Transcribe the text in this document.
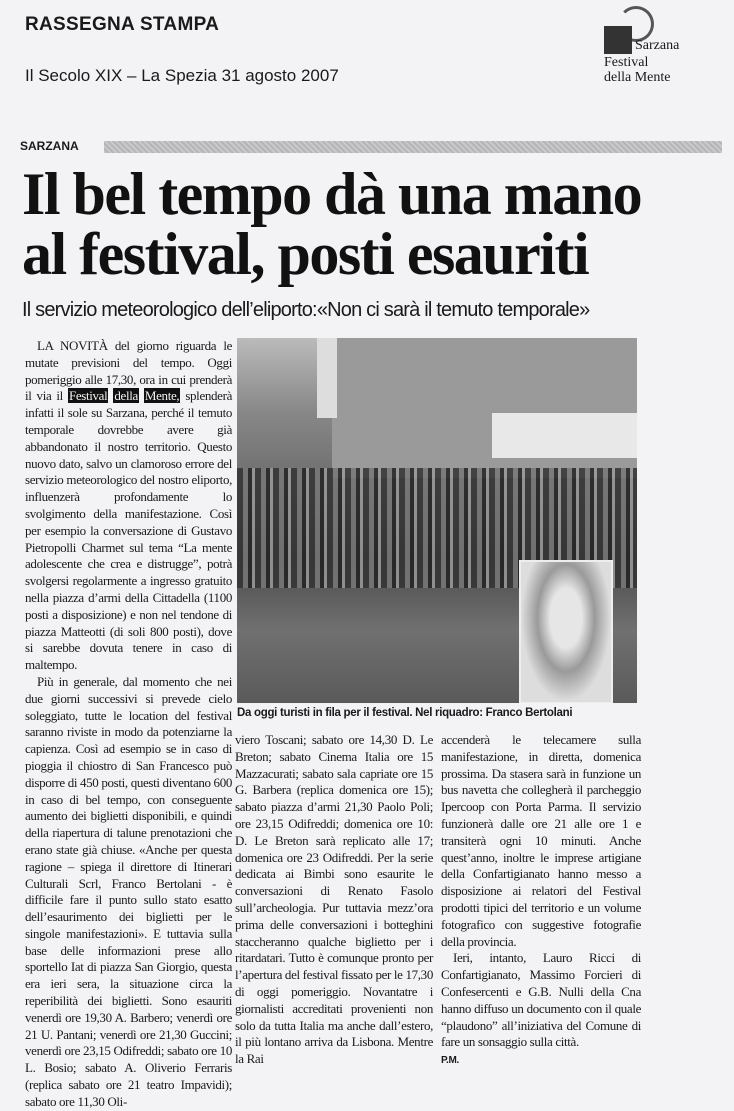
RASSEGNA STAMPA
Il Secolo XIX – La Spezia 31 agosto 2007
Sarzana
Festival
della Mente
SARZANA
Il bel tempo dà una mano
al festival, posti esauriti
Il servizio meteorologico dell’eliporto:«Non ci sarà il temuto temporale»

LA NOVITÀ del giorno riguarda le mutate previsioni del tempo. Oggi pomeriggio alle 17,30, ora in cui prenderà il via il Festival della Mente, splenderà infatti il sole su Sarzana, perché il temuto temporale dovrebbe avere già abbandonato il nostro territorio. Questo nuovo dato, salvo un clamoroso errore del servizio meteorologico del nostro eliporto, influenzerà profondamente lo svolgimento della manifestazione. Così per esempio la conversazione di Gustavo Pietropolli Charmet sul tema “La mente adolescente che crea e distrugge”, potrà svolgersi regolarmente a ingresso gratuito nella piazza d’armi della Cittadella (1100 posti a disposizione) e non nel tendone di piazza Matteotti (di soli 800 posti), dove si sarebbe dovuta tenere in caso di maltempo.

Più in generale, dal momento che nei due giorni successivi si prevede cielo soleggiato, tutte le location del festival saranno riviste in modo da potenziarne la capienza. Così ad esempio se in caso di pioggia il chiostro di San Francesco può disporre di 450 posti, questi diventano 600 in caso di bel tempo, con conseguente aumento dei biglietti disponibili, e quindi della riapertura di talune prenotazioni che erano state già chiuse. «Anche per questa ragione – spiega il direttore di Itinerari Culturali Scrl, Franco Bertolani - è difficile fare il punto sullo stato esatto dell’esaurimento dei biglietti per le singole manifestazioni». E tuttavia sulla base delle informazioni prese allo sportello Iat di piazza San Giorgio, questa era ieri sera, la situazione circa la reperibilità dei biglietti. Sono esauriti venerdì ore 19,30 A. Barbero; venerdì ore 21 U. Pantani; venerdì ore 21,30 Guccini; venerdì ore 23,15 Odifreddi; sabato ore 10 L. Bosio; sabato A. Oliverio Ferraris (replica sabato ore 21 teatro Impavidi); sabato ore 11,30 Oli-

Da oggi turisti in fila per il festival. Nel riquadro: Franco Bertolani

viero Toscani; sabato ore 14,30 D. Le Breton; sabato Cinema Italia ore 15 Mazzacurati; sabato sala capriate ore 15 G. Barbera (replica domenica ore 15); sabato piazza d’armi 21,30 Paolo Poli; ore 23,15 Odifreddi; domenica ore 10: D. Le Breton sarà replicato alle 17; domenica ore 23 Odifreddi. Per la serie dedicata ai Bimbi sono esaurite le conversazioni di Renato Fasolo sull’archeologia. Pur tuttavia mezz’ora prima delle conversazioni i botteghini staccheranno qualche biglietto per i ritardatari. Tutto è comunque pronto per l’apertura del festival fissato per le 17,30 di oggi pomeriggio. Novantatre i giornalisti accreditati provenienti non solo da tutta Italia ma anche dall’estero, il più lontano arriva da Lisbona. Mentre la Rai

accenderà le telecamere sulla manifestazione, in diretta, domenica prossima. Da stasera sarà in funzione un bus navetta che collegherà il parcheggio Ipercoop con Porta Parma. Il servizio funzionerà dalle ore 21 alle ore 1 e transiterà ogni 10 minuti. Anche quest’anno, inoltre le imprese artigiane della Confartigianato hanno messo a disposizione ai relatori del Festival prodotti tipici del territorio e un volume fotografico con suggestive fotografie della provincia.

Ieri, intanto, Lauro Ricci di Confartigianato, Massimo Forcieri di Confesercenti e G.B. Nulli della Cna hanno diffuso un documento con il quale “plaudono” all’iniziativa del Comune di fare un sonsaggio sulla città.

P.M.
